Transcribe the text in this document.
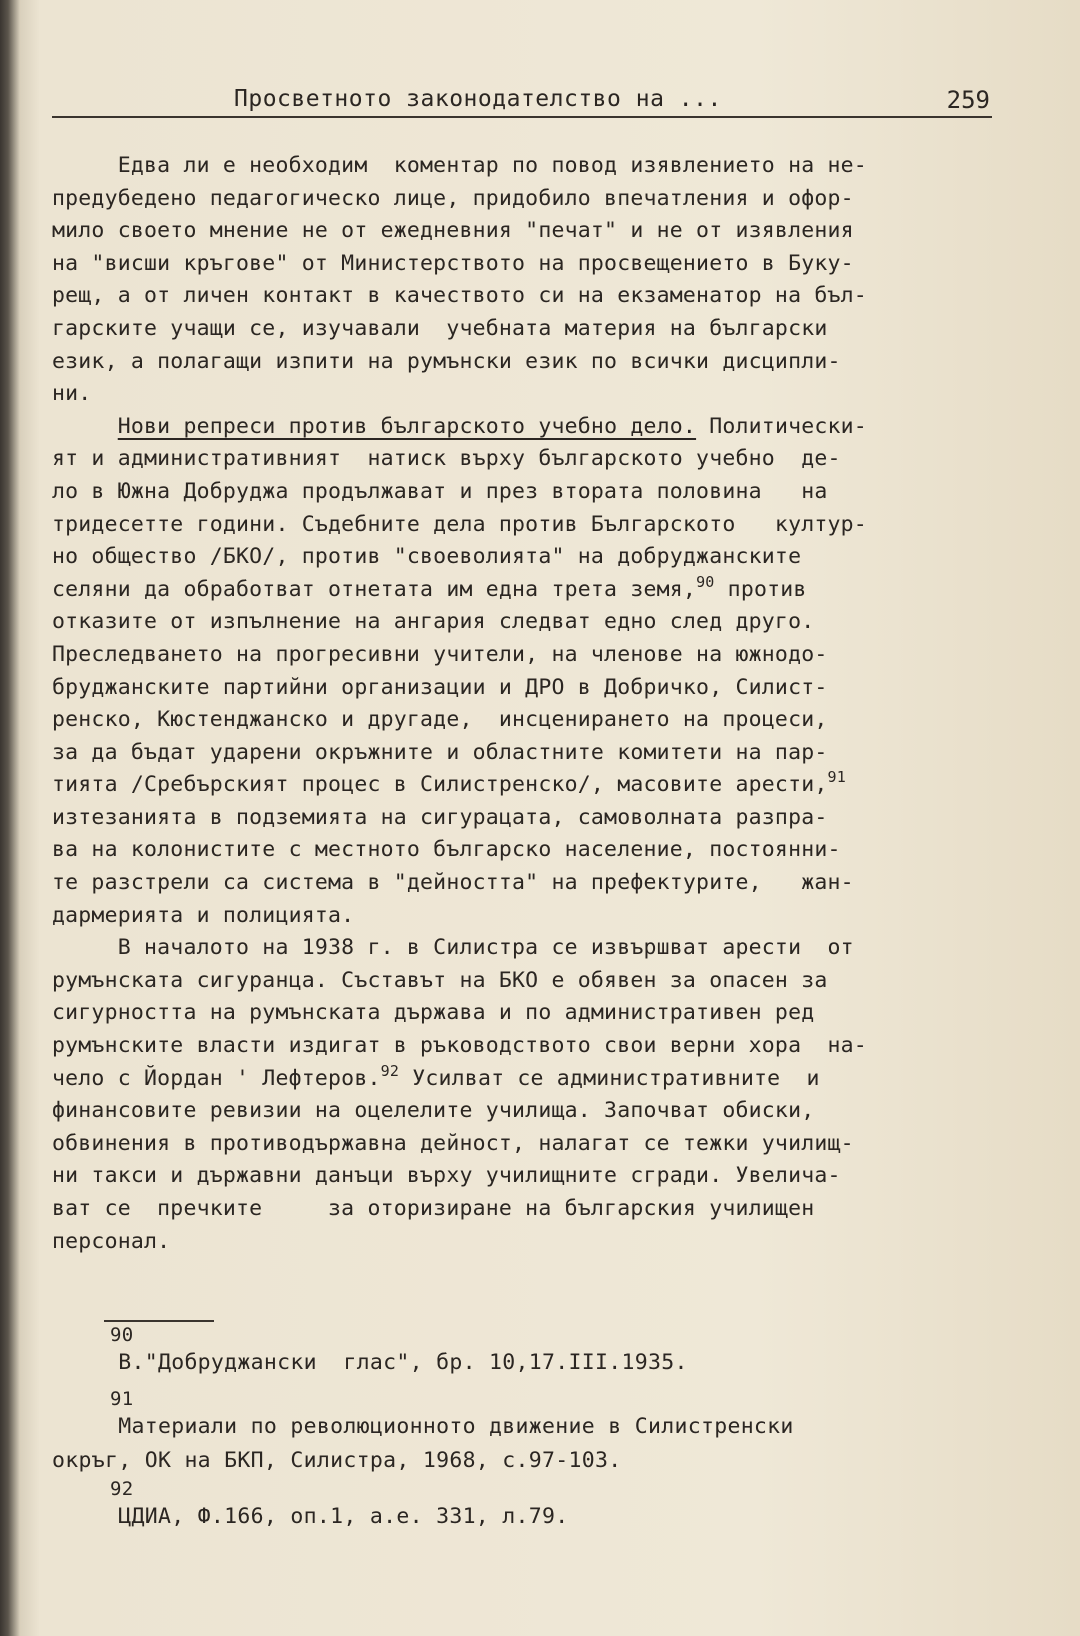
Просветното законодателство на ...	259
Едва ли е необходим  коментар по повод изявлението на не-
предубедено педагогическо лице, придобило впечатления и офор-
мило своето мнение не от ежедневния "печат" и не от изявления
на "висши кръгове" от Министерството на просвещението в Буку-
рещ, а от личен контакт в качеството си на екзаменатор на бъл-
гарските учащи се, изучавали  учебната материя на български
език, а полагащи изпити на румънски език по всички дисципли-
ни.
Нови репреси против българското учебно дело. Политически-
ят и административният  натиск върху българското учебно  де-
ло в Южна Добруджа продължават и през втората половина   на
тридесетте години. Съдебните дела против Българското   култур-
но общество /БКО/, против "своеволията" на добруджанските
селяни да обработват отнетата им една трета земя,$^{90}$ против
отказите от изпълнение на ангария следват едно след друго.
Преследването на прогресивни учители, на членове на южнодо-
бруджанските партийни организации и ДРО в Добричко, Силист-
ренско, Кюстенджанско и другаде,  инсценирането на процеси,
за да бъдат ударени окръжните и областните комитети на пар-
тията /Сребърският процес в Силистренско/, масовите арести,$^{91}$
изтезанията в подземията на сигурацата, самоволната разпра-
ва на колонистите с местното българско население, постоянни-
те разстрели са система в "дейността" на префектурите,   жан-
дармерията и полицията.
В началото на 1938 г. в Силистра се извършват арести  от
румънската сигуранца. Съставът на БКО е обявен за опасен за
сигурността на румънската държава и по административен ред
румънските власти издигат в ръководството свои верни хора  на-
чело с Йордан ' Лефтеров.$^{92}$ Усилват се административните  и
финансовите ревизии на оцелелите училища. Започват обиски,
обвинения в противодържавна дейност, налагат се тежки училищ-
ни такси и държавни данъци върху училищните сгради. Увелича-
ват се  пречките     за оторизиране на българския училищен
персонал.
90
В."Добруджански  глас", бр. 10,17.III.1935.
91
Материали по революционното движение в Силистренски
окръг, ОК на БКП, Силистра, 1968, с.97-103.
92
ЦДИА, Ф.166, оп.1, а.е. 331, л.79.
